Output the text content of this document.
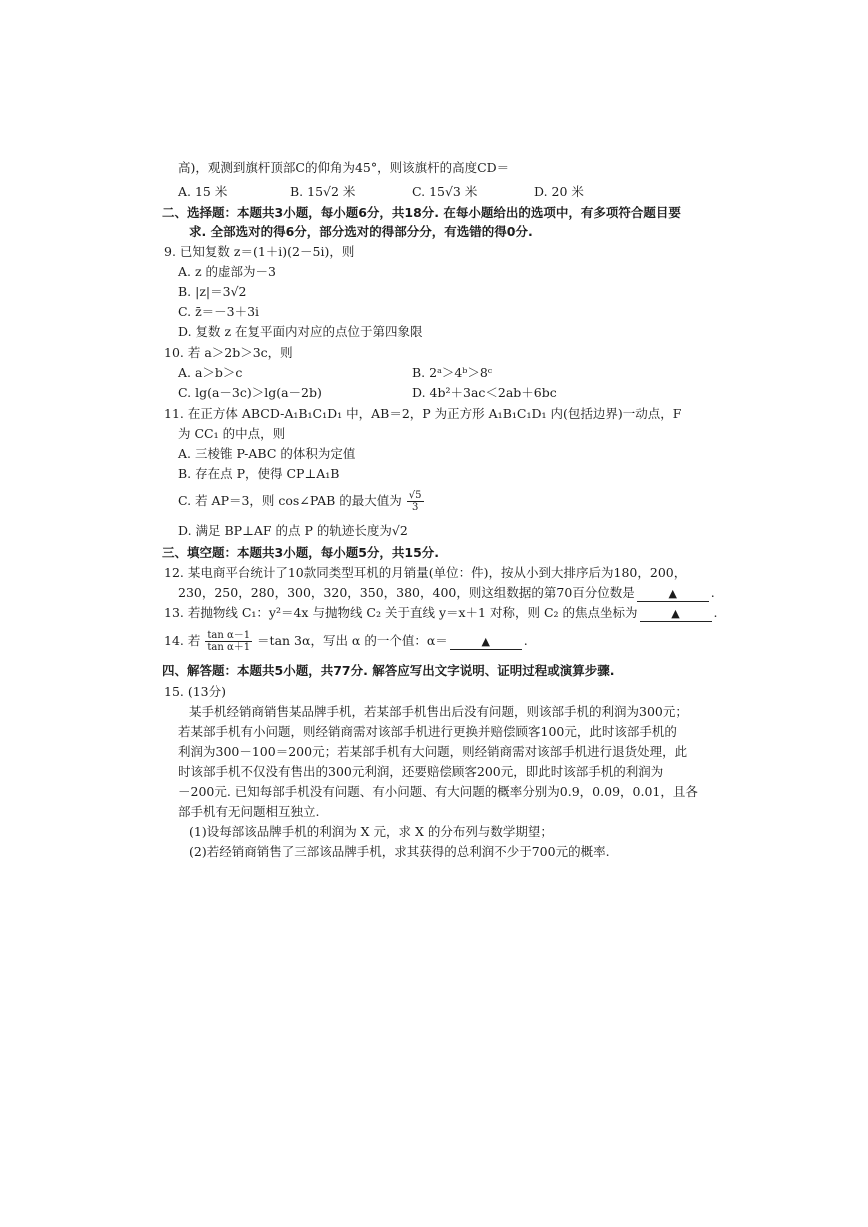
高)，观测到旗杆顶部C的仰角为45°，则该旗杆的高度CD＝
A. 15 米	B. 15√2 米	C. 15√3 米	D. 20 米
二、选择题：本题共3小题，每小题6分，共18分. 在每小题给出的选项中，有多项符合题目要
求. 全部选对的得6分，部分选对的得部分分，有选错的得0分.
9. 已知复数 z＝(1＋i)(2－5i)，则
A. z 的虚部为－3
B. |z|＝3√2
C. z̄＝－3＋3i
D. 复数 z 在复平面内对应的点位于第四象限
10. 若 a＞2b＞3c，则
A. a＞b＞c	B. 2ᵃ＞4ᵇ＞8ᶜ
C. lg(a－3c)＞lg(a－2b)	D. 4b²＋3ac＜2ab＋6bc
11. 在正方体 ABCD-A₁B₁C₁D₁ 中，AB＝2，P 为正方形 A₁B₁C₁D₁ 内(包括边界)一动点，F
为 CC₁ 的中点，则
A. 三棱锥 P-ABC 的体积为定值
B. 存在点 P，使得 CP⊥A₁B
C. 若 AP＝3，则 cos∠PAB 的最大值为 $\frac{√5}{3}$
D. 满足 BP⊥AF 的点 P 的轨迹长度为√2
三、填空题：本题共3小题，每小题5分，共15分.
12. 某电商平台统计了10款同类型耳机的月销量(单位：件)，按从小到大排序后为180，200，
230，250，280，300，320，350，380，400，则这组数据的第70百分位数是	▲	.
13. 若抛物线 C₁：y²＝4x 与抛物线 C₂ 关于直线 y＝x＋1 对称，则 C₂ 的焦点坐标为	▲	.
14. 若 $\frac{\text{tan α－1}}{\text{tan α＋1}} =\tan$ 3α，写出 α 的一个值：α＝	▲	.
四、解答题：本题共5小题，共77分. 解答应写出文字说明、证明过程或演算步骤.
15. (13分)
某手机经销商销售某品牌手机，若某部手机售出后没有问题，则该部手机的利润为300元；
若某部手机有小问题，则经销商需对该部手机进行更换并赔偿顾客100元，此时该部手机的
利润为300－100＝200元；若某部手机有大问题，则经销商需对该部手机进行退货处理，此
时该部手机不仅没有售出的300元利润，还要赔偿顾客200元，即此时该部手机的利润为
－200元. 已知每部手机没有问题、有小问题、有大问题的概率分别为0.9，0.09，0.01，且各
部手机有无问题相互独立.
(1)设每部该品牌手机的利润为 X 元，求 X 的分布列与数学期望；
(2)若经销商销售了三部该品牌手机，求其获得的总利润不少于700元的概率.
